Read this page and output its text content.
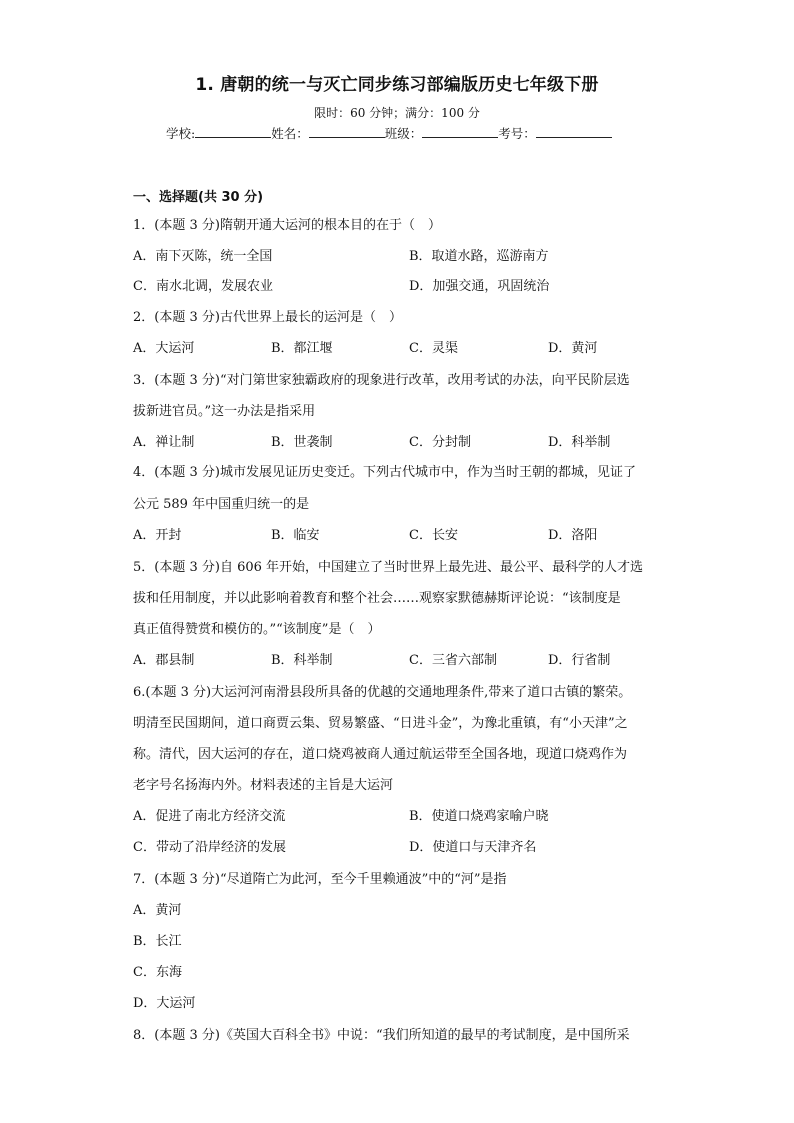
1. 唐朝的统一与灭亡同步练习部编版历史七年级下册
限时：60 分钟；满分：100 分
学校:	姓名：	班级：	考号：
一、选择题(共 30 分)
1．(本题 3 分)隋朝开通大运河的根本目的在于（　）
A．南下灭陈，统一全国	B．取道水路，巡游南方
C．南水北调，发展农业	D．加强交通，巩固统治
2．(本题 3 分)古代世界上最长的运河是（　）
A．大运河	B．都江堰	C．灵渠	D．黄河
3．(本题 3 分)“对门第世家独霸政府的现象进行改革，改用考试的办法，向平民阶层选
拔新进官员。”这一办法是指采用
A．禅让制	B．世袭制	C．分封制	D．科举制
4．(本题 3 分)城市发展见证历史变迁。下列古代城市中，作为当时王朝的都城，见证了
公元 589 年中国重归统一的是
A．开封	B．临安	C．长安	D．洛阳
5．(本题 3 分)自 606 年开始，中国建立了当时世界上最先进、最公平、最科学的人才选
拔和任用制度，并以此影响着教育和整个社会……观察家默德赫斯评论说：“该制度是
真正值得赞赏和模仿的。”“该制度”是（　）
A．郡县制	B．科举制	C．三省六部制	D．行省制
6.(本题 3 分)大运河河南滑县段所具备的优越的交通地理条件,带来了道口古镇的繁荣。
明清至民国期间，道口商贾云集、贸易繁盛、“日进斗金”，为豫北重镇，有“小天津”之
称。清代，因大运河的存在，道口烧鸡被商人通过航运带至全国各地，现道口烧鸡作为
老字号名扬海内外。材料表述的主旨是大运河
A．促进了南北方经济交流	B．使道口烧鸡家喻户晓
C．带动了沿岸经济的发展	D．使道口与天津齐名
7．(本题 3 分)“尽道隋亡为此河，至今千里赖通波”中的“河”是指
A．黄河
B．长江
C．东海
D．大运河
8．(本题 3 分)《英国大百科全书》中说：“我们所知道的最早的考试制度，是中国所采
